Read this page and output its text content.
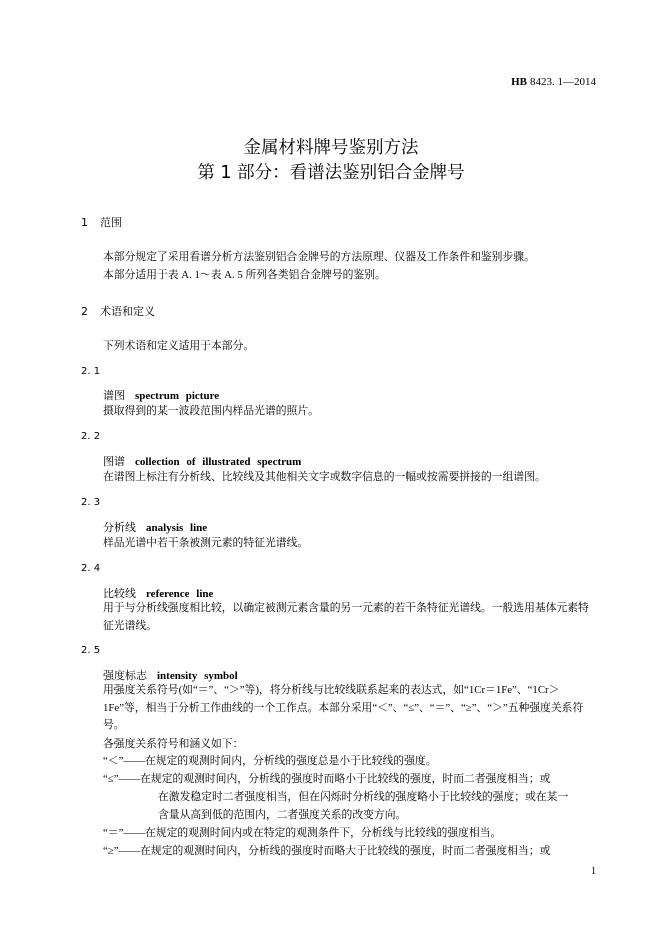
HB 8423. 1—2014
金属材料牌号鉴别方法
第 1 部分：看谱法鉴别铝合金牌号
1 范围
本部分规定了采用看谱分析方法鉴别铝合金牌号的方法原理、仪器及工作条件和鉴别步骤。
本部分适用于表 A. 1～表 A. 5 所列各类铝合金牌号的鉴别。
2 术语和定义
下列术语和定义适用于本部分。
2. 1
谱图 spectrum picture
摄取得到的某一波段范围内样品光谱的照片。
2. 2
图谱 collection of illustrated spectrum
在谱图上标注有分析线、比较线及其他相关文字或数字信息的一幅或按需要拼接的一组谱图。
2. 3
分析线 analysis line
样品光谱中若干条被测元素的特征光谱线。
2. 4
比较线 reference line
用于与分析线强度相比较，以确定被测元素含量的另一元素的若干条特征光谱线。一般选用基体元素特征光谱线。
2. 5
强度标志 intensity symbol
用强度关系符号(如“＝”、“＞”等)，将分析线与比较线联系起来的表达式，如“1Cr＝1Fe”、“1Cr＞1Fe”等，相当于分析工作曲线的一个工作点。本部分采用“＜”、“≤”、“＝”、“≥”、“＞”五种强度关系符号。
各强度关系符号和涵义如下：
“＜”——在规定的观测时间内，分析线的强度总是小于比较线的强度。
“≤”——在规定的观测时间内，分析线的强度时而略小于比较线的强度，时而二者强度相当；或
在激发稳定时二者强度相当，但在闪烁时分析线的强度略小于比较线的强度；或在某一
含量从高到低的范围内，二者强度关系的改变方向。
“＝”——在规定的观测时间内或在特定的观测条件下，分析线与比较线的强度相当。
“≥”——在规定的观测时间内，分析线的强度时而略大于比较线的强度，时而二者强度相当；或
1
